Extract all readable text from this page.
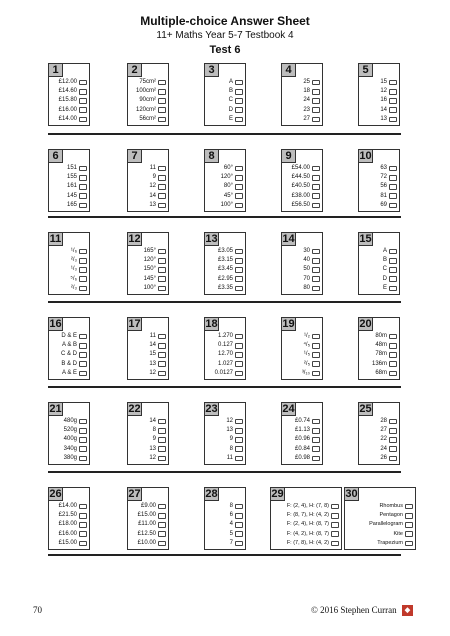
Multiple-choice Answer Sheet
11+ Maths Year 5-7 Testbook 4
Test 6
1
£12.00
£14.60
£15.80
£16.00
£14.00
2
75cm²
100cm²
90cm²
120cm²
56cm²
3
A
B
C
D
E
4
25
18
24
23
27
5
15
12
16
14
13
6
151
155
161
145
165
7
11
9
12
14
13
8
60°
120°
80°
45°
100°
9
£54.00
£44.50
£40.50
£38.00
£56.50
10
63
72
56
81
69
11
¹/₆
²/₃
¹/₃
⁵/₆
²/₃
12
165°
120°
150°
145°
100°
13
£3.05
£3.15
£3.45
£2.95
£3.35
14
30
40
50
70
80
15
A
B
C
D
E
16
D & E
A & B
C & D
B & D
A & E
17
11
14
15
13
12
18
1.270
0.127
12.70
1.027
0.0127
19
¹/₂
⁴/₅
¹/₅
²/₅
³/₁₀
20
80m
48m
78m
136m
68m
21
480g
520g
400g
340g
380g
22
14
8
9
13
12
23
12
13
9
8
11
24
£0.74
£1.13
£0.96
£0.84
£0.98
25
28
27
22
24
26
26
£14.00
£21.50
£18.00
£16.00
£15.00
27
£9.00
£15.00
£11.00
£12.50
£10.00
28
8
6
4
5
7
29
F: (2, 4), H: (7, 8)
F: (8, 7), H: (4, 2)
F: (2, 4), H: (8, 7)
F: (4, 2), H: (8, 7)
F: (7, 8), H: (4, 2)
30
Rhombus
Pentagon
Parallelogram
Kite
Trapezium
70	© 2016 Stephen Curran	◆
